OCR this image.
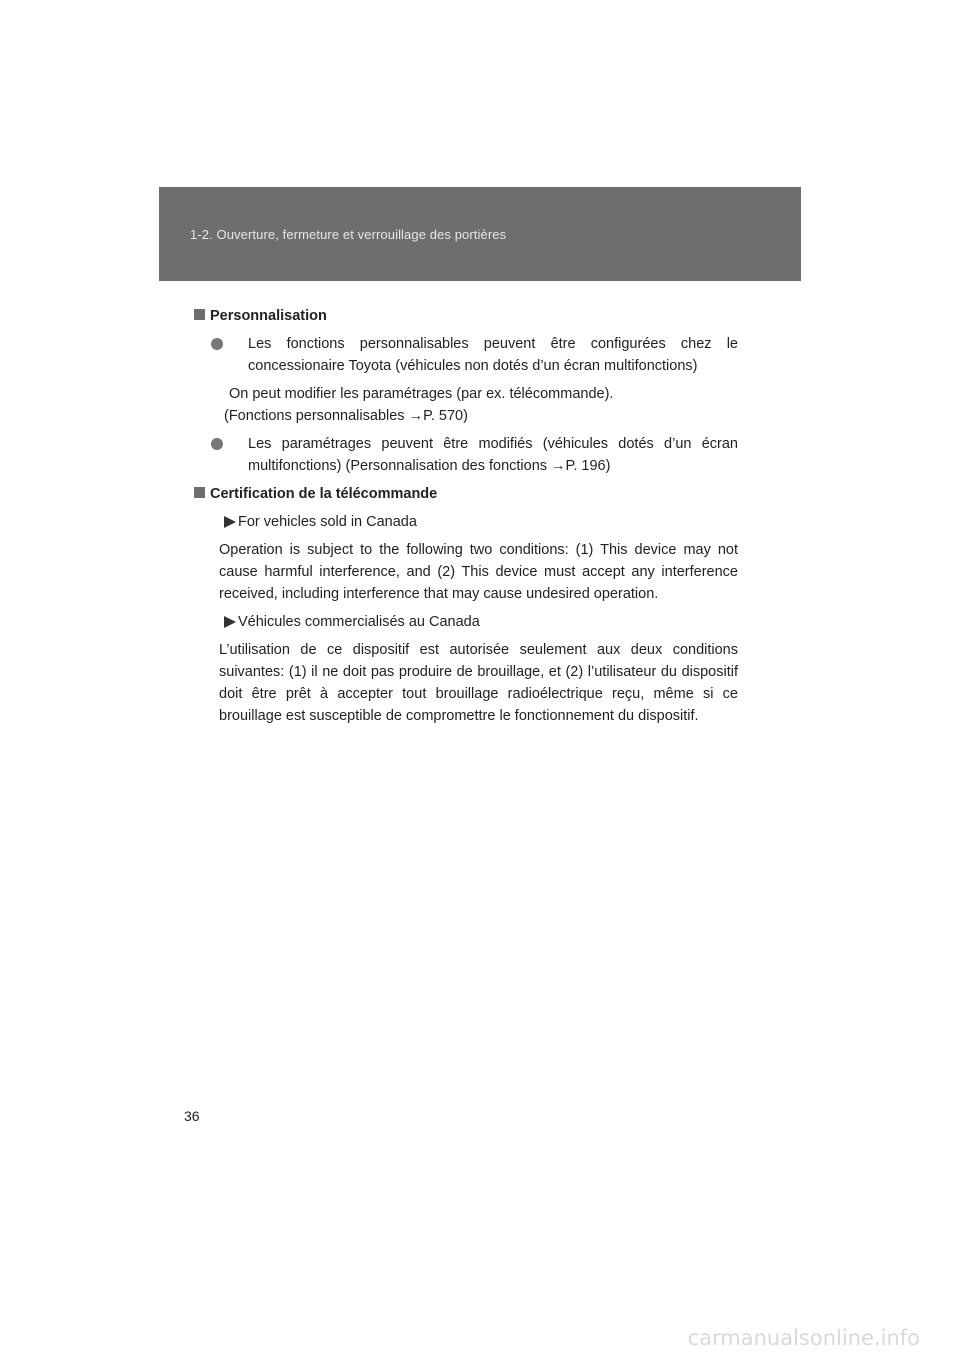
1-2. Ouverture, fermeture et verrouillage des portières
Personnalisation
Les fonctions personnalisables peuvent être configurées chez le concessionaire Toyota (véhicules non dotés d’un écran multifonctions)

On peut modifier les paramétrages (par ex. télécommande).

(Fonctions personnalisables →P. 570)

Les paramétrages peuvent être modifiés (véhicules dotés d’un écran multifonctions) (Personnalisation des fonctions →P. 196)
Certification de la télécommande
For vehicles sold in Canada

Operation is subject to the following two conditions: (1) This device may not cause harmful interference, and (2) This device must accept any interference received, including interference that may cause undesired operation.

Véhicules commercialisés au Canada

L’utilisation de ce dispositif est autorisée seulement aux deux conditions suivantes: (1) il ne doit pas produire de brouillage, et (2) l’utilisateur du dispositif doit être prêt à accepter tout brouillage radioélectrique reçu, même si ce brouillage est susceptible de compromettre le fonctionnement du dispositif.

36
carmanualsonline.info
